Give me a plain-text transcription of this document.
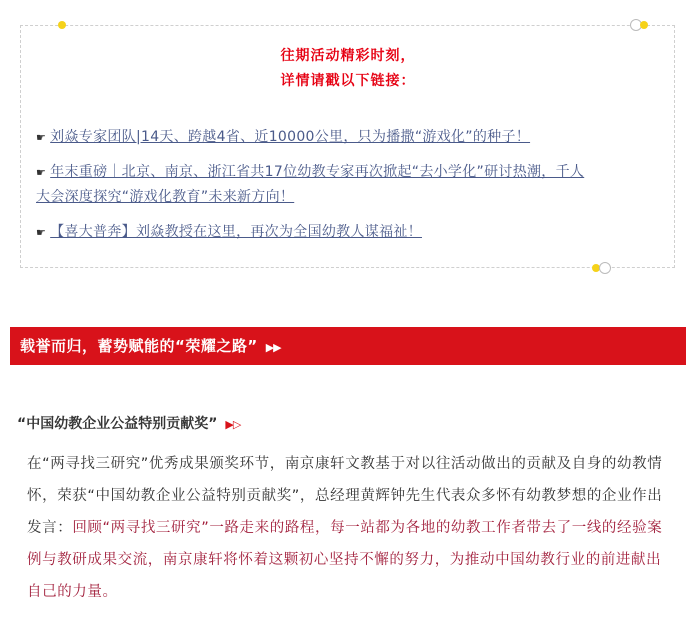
往期活动精彩时刻，
详情请戳以下链接：
☛ 刘焱专家团队|14天、跨越4省、近10000公里，只为播撒“游戏化”的种子！
☛ 年末重磅｜北京、南京、浙江省共17位幼教专家再次掀起“去小学化”研讨热潮，千人
大会深度探究“游戏化教育”未来新方向！
☛ 【喜大普奔】刘焱教授在这里，再次为全国幼教人谋福祉！
载誉而归，蓄势赋能的“荣耀之路” ▶▶
“中国幼教企业公益特别贡献奖” ▶▷
在“两寻找三研究”优秀成果颁奖环节，南京康轩文教基于对以往活动做出的贡献及自身的幼教情怀，荣获“中国幼教企业公益特别贡献奖”，总经理黄辉钟先生代表众多怀有幼教梦想的企业作出发言：回顾“两寻找三研究”一路走来的路程，每一站都为各地的幼教工作者带去了一线的经验案例与教研成果交流，南京康轩将怀着这颗初心坚持不懈的努力，为推动中国幼教行业的前进献出自己的力量。
